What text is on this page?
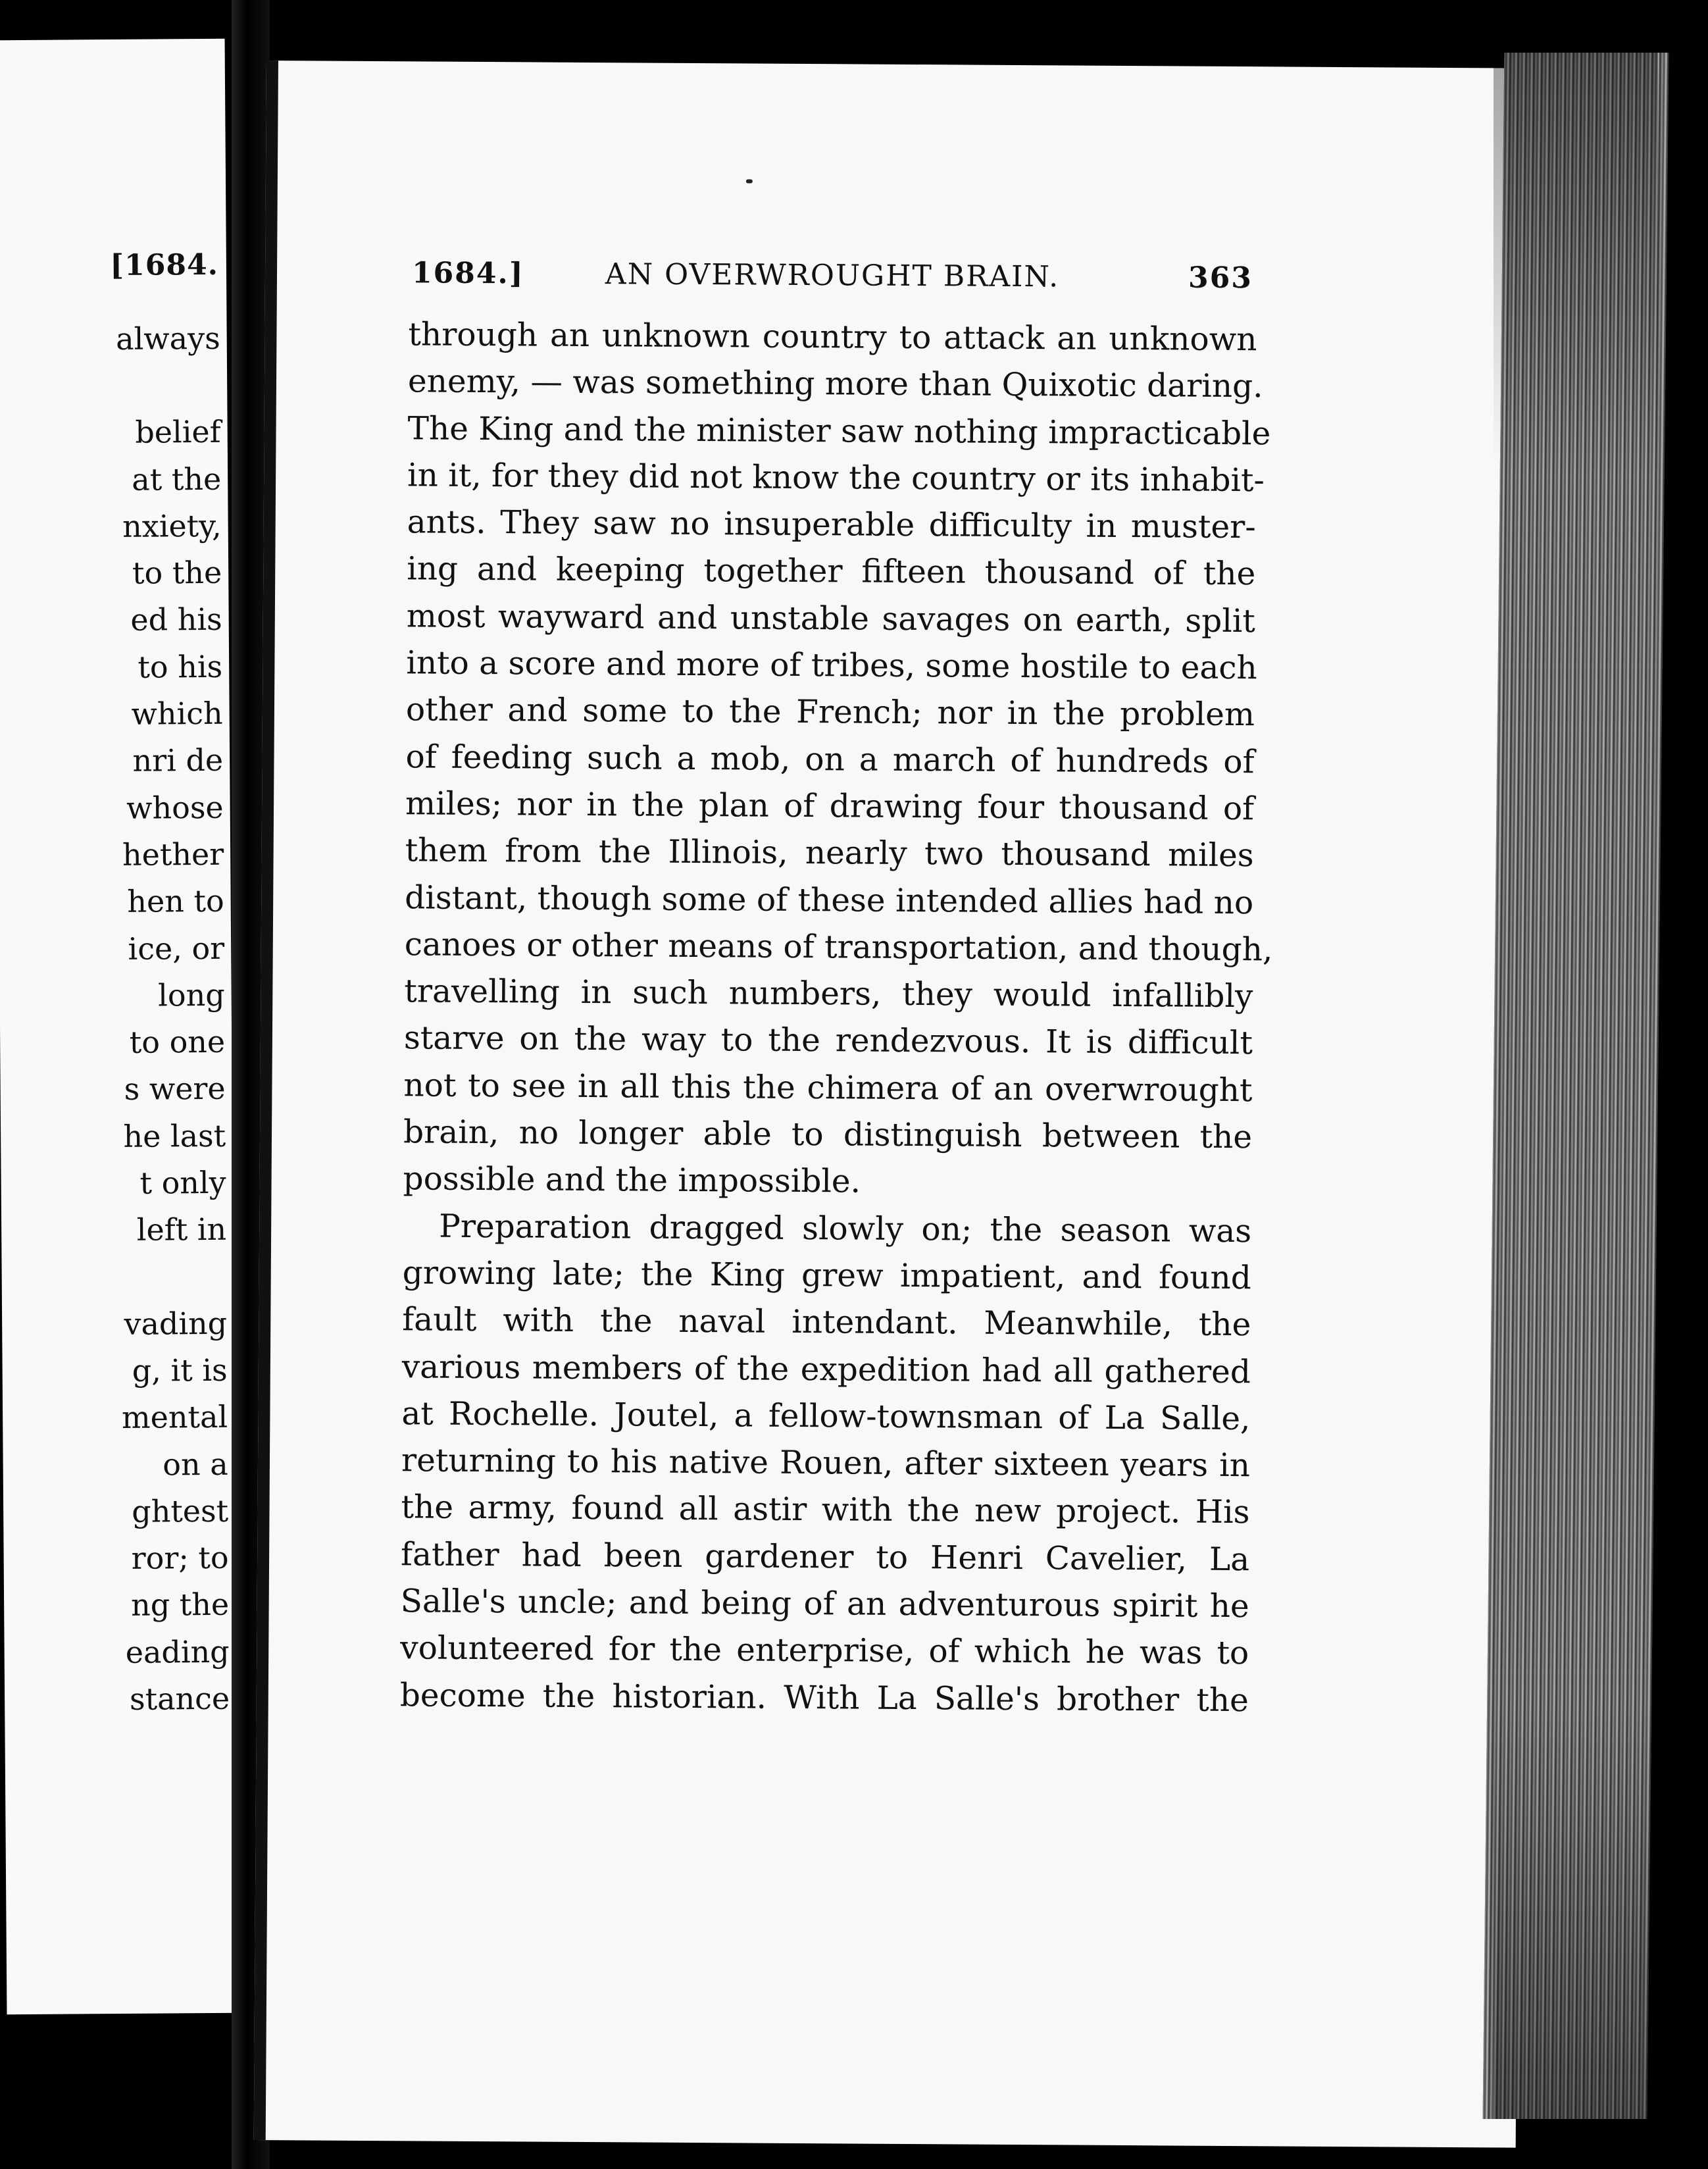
[1684.
always
belief
at the
nxiety,
to the
ed his
to his
which
nri de
whose
hether
hen to
ice, or
long
to one
s were
he last
t only
left in
vading
g, it is
mental
on a
ghtest
ror; to
ng the
eading
stance
1684.]	AN OVERWROUGHT BRAIN.	363
through an unknown country to attack an unknown
enemy, — was something more than Quixotic daring.
The King and the minister saw nothing impracticable
in it, for they did not know the country or its inhabit-
ants. They saw no insuperable difficulty in muster-
ing and keeping together fifteen thousand of the
most wayward and unstable savages on earth, split
into a score and more of tribes, some hostile to each
other and some to the French; nor in the problem
of feeding such a mob, on a march of hundreds of
miles; nor in the plan of drawing four thousand of
them from the Illinois, nearly two thousand miles
distant, though some of these intended allies had no
canoes or other means of transportation, and though,
travelling in such numbers, they would infallibly
starve on the way to the rendezvous. It is difficult
not to see in all this the chimera of an overwrought
brain, no longer able to distinguish between the
possible and the impossible.
Preparation dragged slowly on; the season was
growing late; the King grew impatient, and found
fault with the naval intendant. Meanwhile, the
various members of the expedition had all gathered
at Rochelle. Joutel, a fellow-townsman of La Salle,
returning to his native Rouen, after sixteen years in
the army, found all astir with the new project. His
father had been gardener to Henri Cavelier, La
Salle's uncle; and being of an adventurous spirit he
volunteered for the enterprise, of which he was to
become the historian. With La Salle's brother the
